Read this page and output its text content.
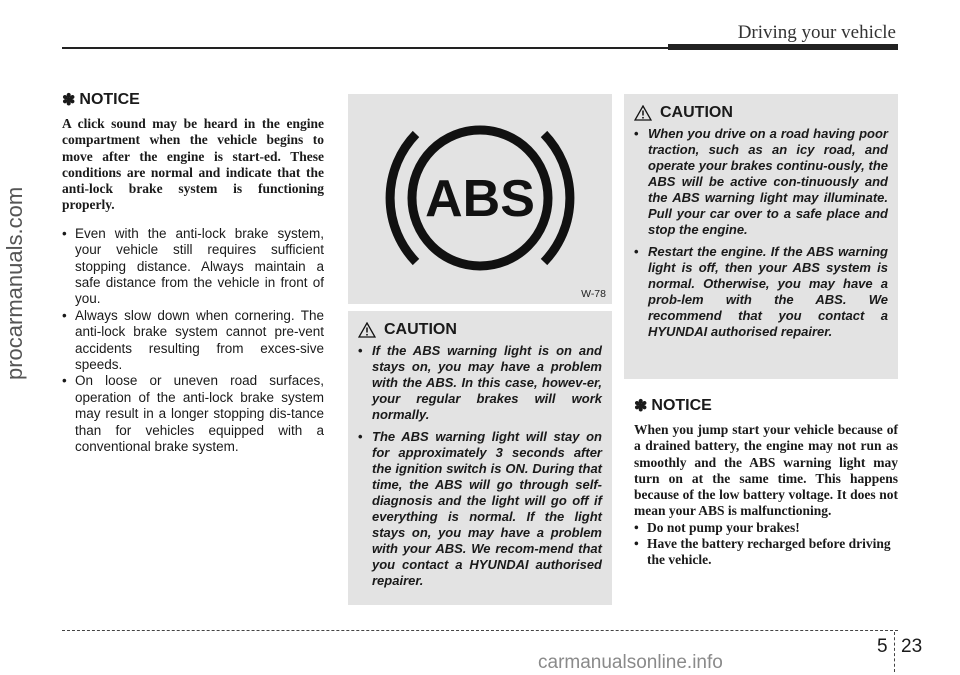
Driving your vehicle
procarmanuals.com
✽ NOTICE

A click sound may be heard in the engine compartment when the vehicle begins to move after the engine is start-ed. These conditions are normal and indicate that the anti-lock brake system is functioning properly.

• Even with the anti-lock brake system, your vehicle still requires sufficient stopping distance. Always maintain a safe distance from the vehicle in front of you.
• Always slow down when cornering. The anti-lock brake system cannot pre-vent accidents resulting from exces-sive speeds.
• On loose or uneven road surfaces, operation of the anti-lock brake system may result in a longer stopping dis-tance than for vehicles equipped with a conventional brake system.
ABS
W-78
CAUTION
• If the ABS warning light is on and stays on, you may have a problem with the ABS. In this case, howev-er, your regular brakes will work normally.
• The ABS warning light will stay on for approximately 3 seconds after the ignition switch is ON. During that time, the ABS will go through self-diagnosis and the light will go off if everything is normal. If the light stays on, you may have a problem with your ABS. We recom-mend that you contact a HYUNDAI authorised repairer.
CAUTION
• When you drive on a road having poor traction, such as an icy road, and operate your brakes continu-ously, the ABS will be active con-tinuously and the ABS warning light may illuminate. Pull your car over to a safe place and stop the engine.
• Restart the engine. If the ABS warning light is off, then your ABS system is normal. Otherwise, you may have a prob-lem with the ABS. We recommend that you contact a HYUNDAI authorised repairer.
✽ NOTICE

When you jump start your vehicle because of a drained battery, the engine may not run as smoothly and the ABS warning light may turn on at the same time. This happens because of the low battery voltage. It does not mean your ABS is malfunctioning.

• Do not pump your brakes!
• Have the battery recharged before driving the vehicle.
5 23
carmanualsonline.info
